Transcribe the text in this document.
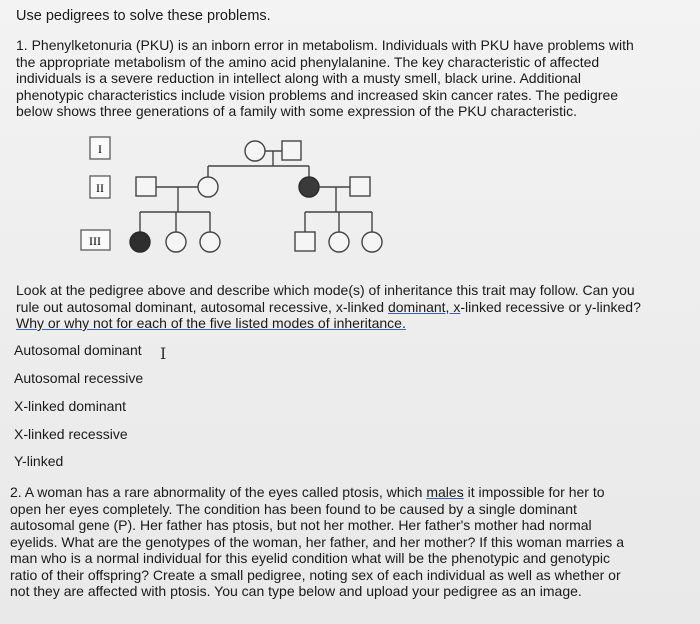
Use pedigrees to solve these problems.
1. Phenylketonuria (PKU) is an inborn error in metabolism. Individuals with PKU have problems with
the appropriate metabolism of the amino acid phenylalanine. The key characteristic of affected
individuals is a severe reduction in intellect along with a musty smell, black urine. Additional
phenotypic characteristics include vision problems and increased skin cancer rates. The pedigree
below shows three generations of a family with some expression of the PKU characteristic.
I
II
III
Look at the pedigree above and describe which mode(s) of inheritance this trait may follow. Can you
rule out autosomal dominant, autosomal recessive, x-linked dominant, x-linked recessive or y-linked?
Why or why not for each of the five listed modes of inheritance.
Autosomal dominant I
Autosomal recessive
X-linked dominant
X-linked recessive
Y-linked
2. A woman has a rare abnormality of the eyes called ptosis, which males it impossible for her to
open her eyes completely. The condition has been found to be caused by a single dominant
autosomal gene (P). Her father has ptosis, but not her mother. Her father's mother had normal
eyelids. What are the genotypes of the woman, her father, and her mother? If this woman marries a
man who is a normal individual for this eyelid condition what will be the phenotypic and genotypic
ratio of their offspring? Create a small pedigree, noting sex of each individual as well as whether or
not they are affected with ptosis. You can type below and upload your pedigree as an image.
